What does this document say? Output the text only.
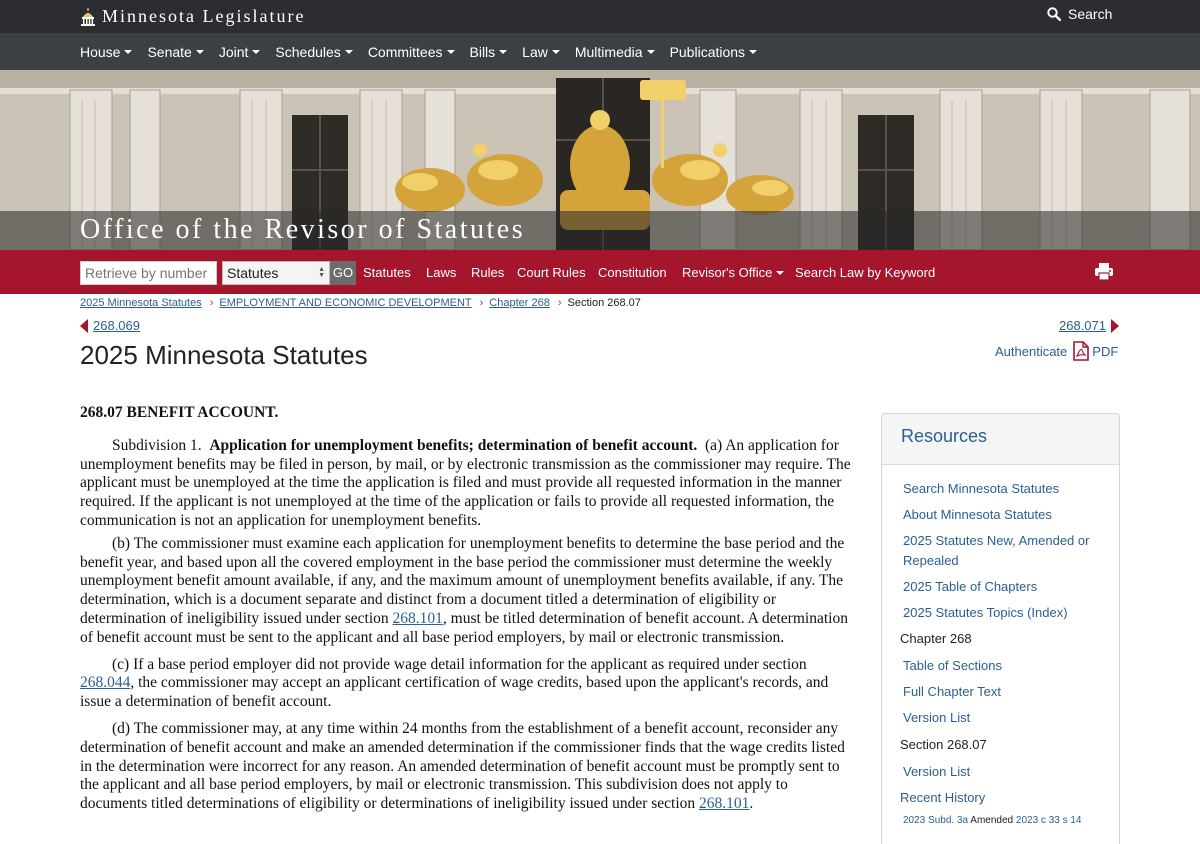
Minnesota Legislature	Search
House Senate Joint Schedules Committees Bills Law Multimedia Publications
Office of the Revisor of Statutes
Retrieve by number
Statutes	▲
▼ GO Statutes Laws Rules Court Rules Constitution Revisor's Office Search Law by Keyword
2025 Minnesota Statutes › EMPLOYMENT AND ECONOMIC DEVELOPMENT › Chapter 268 › Section 268.07
268.069	268.071
2025 Minnesota Statutes	Authenticate PDF
268.07 BENEFIT ACCOUNT.

Subdivision 1. Application for unemployment benefits; determination of benefit account. (a) An application for unemployment benefits may be filed in person, by mail, or by electronic transmission as the commissioner may require. The applicant must be unemployed at the time the application is filed and must provide all requested information in the manner required. If the applicant is not unemployed at the time of the application or fails to provide all requested information, the communication is not an application for unemployment benefits.

(b) The commissioner must examine each application for unemployment benefits to determine the base period and the benefit year, and based upon all the covered employment in the base period the commissioner must determine the weekly unemployment benefit amount available, if any, and the maximum amount of unemployment benefits available, if any. The determination, which is a document separate and distinct from a document titled a determination of eligibility or determination of ineligibility issued under section 268.101, must be titled determination of benefit account. A determination of benefit account must be sent to the applicant and all base period employers, by mail or electronic transmission.

(c) If a base period employer did not provide wage detail information for the applicant as required under section 268.044, the commissioner may accept an applicant certification of wage credits, based upon the applicant's records, and issue a determination of benefit account.

(d) The commissioner may, at any time within 24 months from the establishment of a benefit account, reconsider any determination of benefit account and make an amended determination if the commissioner finds that the wage credits listed in the determination were incorrect for any reason. An amended determination of benefit account must be promptly sent to the applicant and all base period employers, by mail or electronic transmission. This subdivision does not apply to documents titled determinations of eligibility or determinations of ineligibility issued under section 268.101.

Resources
Search Minnesota Statutes
About Minnesota Statutes
2025 Statutes New, Amended or Repealed
2025 Table of Chapters
2025 Statutes Topics (Index)
Chapter 268
Table of Sections
Full Chapter Text
Version List
Section 268.07
Version List
Recent History
2023 Subd. 3a Amended 2023 c 33 s 14
